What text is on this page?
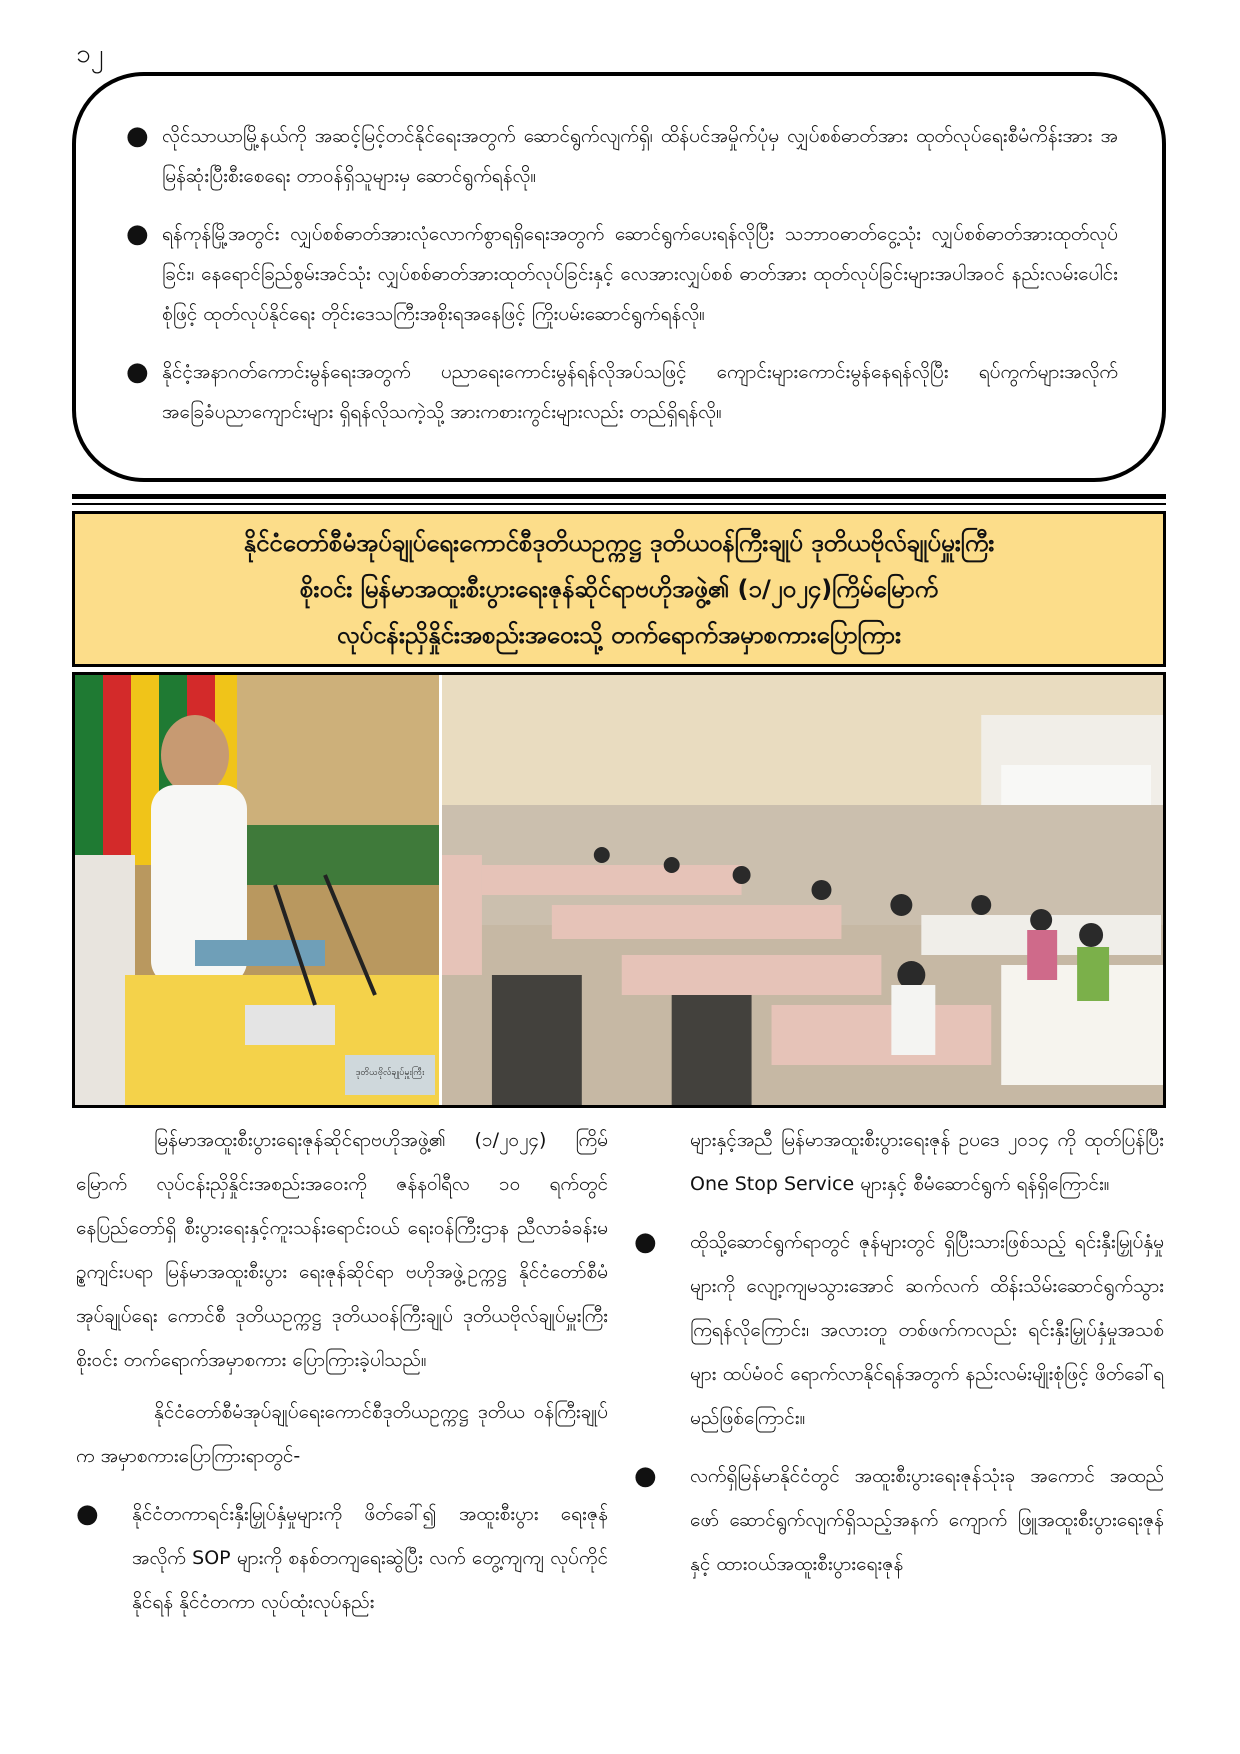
၁၂
● လိုင်သာယာမြို့နယ်ကို အဆင့်မြင့်တင်နိုင်ရေးအတွက် ဆောင်ရွက်လျက်ရှိ၊ ထိန်ပင်အမှိုက်ပုံမှ လျှပ်စစ်ဓာတ်အား ထုတ်လုပ်ရေးစီမံကိန်းအား အမြန်ဆုံးပြီးစီးစေရေး တာဝန်ရှိသူများမှ ဆောင်ရွက်ရန်လို။
● ရန်ကုန်မြို့အတွင်း လျှပ်စစ်ဓာတ်အားလုံလောက်စွာရရှိရေးအတွက် ဆောင်ရွက်ပေးရန်လိုပြီး သဘာဝဓာတ်ငွေ့သုံး လျှပ်စစ်ဓာတ်အားထုတ်လုပ်ခြင်း၊ နေရောင်ခြည်စွမ်းအင်သုံး လျှပ်စစ်ဓာတ်အားထုတ်လုပ်ခြင်းနှင့် လေအားလျှပ်စစ် ဓာတ်အား ထုတ်လုပ်ခြင်းများအပါအဝင် နည်းလမ်းပေါင်းစုံဖြင့် ထုတ်လုပ်နိုင်ရေး တိုင်းဒေသကြီးအစိုးရအနေဖြင့် ကြိုးပမ်းဆောင်ရွက်ရန်လို။
● နိုင်ငံ့အနာဂတ်ကောင်းမွန်ရေးအတွက် ပညာရေးကောင်းမွန်ရန်လိုအပ်သဖြင့် ကျောင်းများကောင်းမွန်နေရန်လိုပြီး ရပ်ကွက်များအလိုက် အခြေခံပညာကျောင်းများ ရှိရန်လိုသကဲ့သို့ အားကစားကွင်းများလည်း တည်ရှိရန်လို။
နိုင်ငံတော်စီမံအုပ်ချုပ်ရေးကောင်စီဒုတိယဥက္ကဋ္ဌ ဒုတိယဝန်ကြီးချုပ် ဒုတိယဗိုလ်ချုပ်မှူးကြီး
စိုးဝင်း မြန်မာအထူးစီးပွားရေးဇုန်ဆိုင်ရာဗဟိုအဖွဲ့၏ (၁/၂၀၂၄)ကြိမ်မြောက်
လုပ်ငန်းညှိနှိုင်းအစည်းအဝေးသို့ တက်ရောက်အမှာစကားပြောကြား
ဒုတိယဗိုလ်ချုပ်မှူးကြီး

မြန်မာအထူးစီးပွားရေးဇုန်ဆိုင်ရာဗဟိုအဖွဲ့၏ (၁/၂၀၂၄) ကြိမ်မြောက် လုပ်ငန်းညှိနှိုင်းအစည်းအဝေးကို ဇန်နဝါရီလ ၁၀ ရက်တွင် နေပြည်တော်ရှိ စီးပွားရေးနှင့်ကူးသန်းရောင်းဝယ် ရေးဝန်ကြီးဌာန ညီလာခံခန်းမဥ္စကျင်းပရာ မြန်မာအထူးစီးပွား ရေးဇုန်ဆိုင်ရာ ဗဟိုအဖွဲ့ဥက္ကဋ္ဌ နိုင်ငံတော်စီမံအုပ်ချုပ်ရေး ကောင်စီ ဒုတိယဥက္ကဋ္ဌ ဒုတိယဝန်ကြီးချုပ် ဒုတိယဗိုလ်ချုပ်မှူးကြီး စိုးဝင်း တက်ရောက်အမှာစကား ပြောကြားခဲ့ပါသည်။

နိုင်ငံတော်စီမံအုပ်ချုပ်ရေးကောင်စီဒုတိယဥက္ကဋ္ဌ ဒုတိယ ဝန်ကြီးချုပ်က အမှာစကားပြောကြားရာတွင်-

●	နိုင်ငံတကာရင်းနှီးမြှုပ်နှံမှုများကို ဖိတ်ခေါ်၍ အထူးစီးပွား ရေးဇုန်အလိုက် SOP များကို စနစ်တကျရေးဆွဲပြီး လက် တွေ့ကျကျ လုပ်ကိုင်နိုင်ရန် နိုင်ငံတကာ လုပ်ထုံးလုပ်နည်း

များနှင့်အညီ မြန်မာအထူးစီးပွားရေးဇုန် ဥပဒေ ၂၀၁၄ ကို ထုတ်ပြန်ပြီး One Stop Service များနှင့် စီမံဆောင်ရွက် ရန်ရှိကြောင်း။

●	ထိုသို့ဆောင်ရွက်ရာတွင် ဇုန်များတွင် ရှိပြီးသားဖြစ်သည့် ရင်းနှီးမြှုပ်နှံမှုများကို လျော့ကျမသွားအောင် ဆက်လက် ထိန်းသိမ်းဆောင်ရွက်သွားကြရန်လိုကြောင်း၊ အလားတူ တစ်ဖက်ကလည်း ရင်းနှီးမြှုပ်နှံမှုအသစ်များ ထပ်မံဝင် ရောက်လာနိုင်ရန်အတွက် နည်းလမ်းမျိုးစုံဖြင့် ဖိတ်ခေါ်ရ မည်ဖြစ်ကြောင်း။
●	လက်ရှိမြန်မာနိုင်ငံတွင် အထူးစီးပွားရေးဇုန်သုံးခု အကောင် အထည်ဖော် ဆောင်ရွက်လျက်ရှိသည့်အနက် ကျောက် ဖြူအထူးစီးပွားရေးဇုန်နှင့် ထားဝယ်အထူးစီးပွားရေးဇုန်
